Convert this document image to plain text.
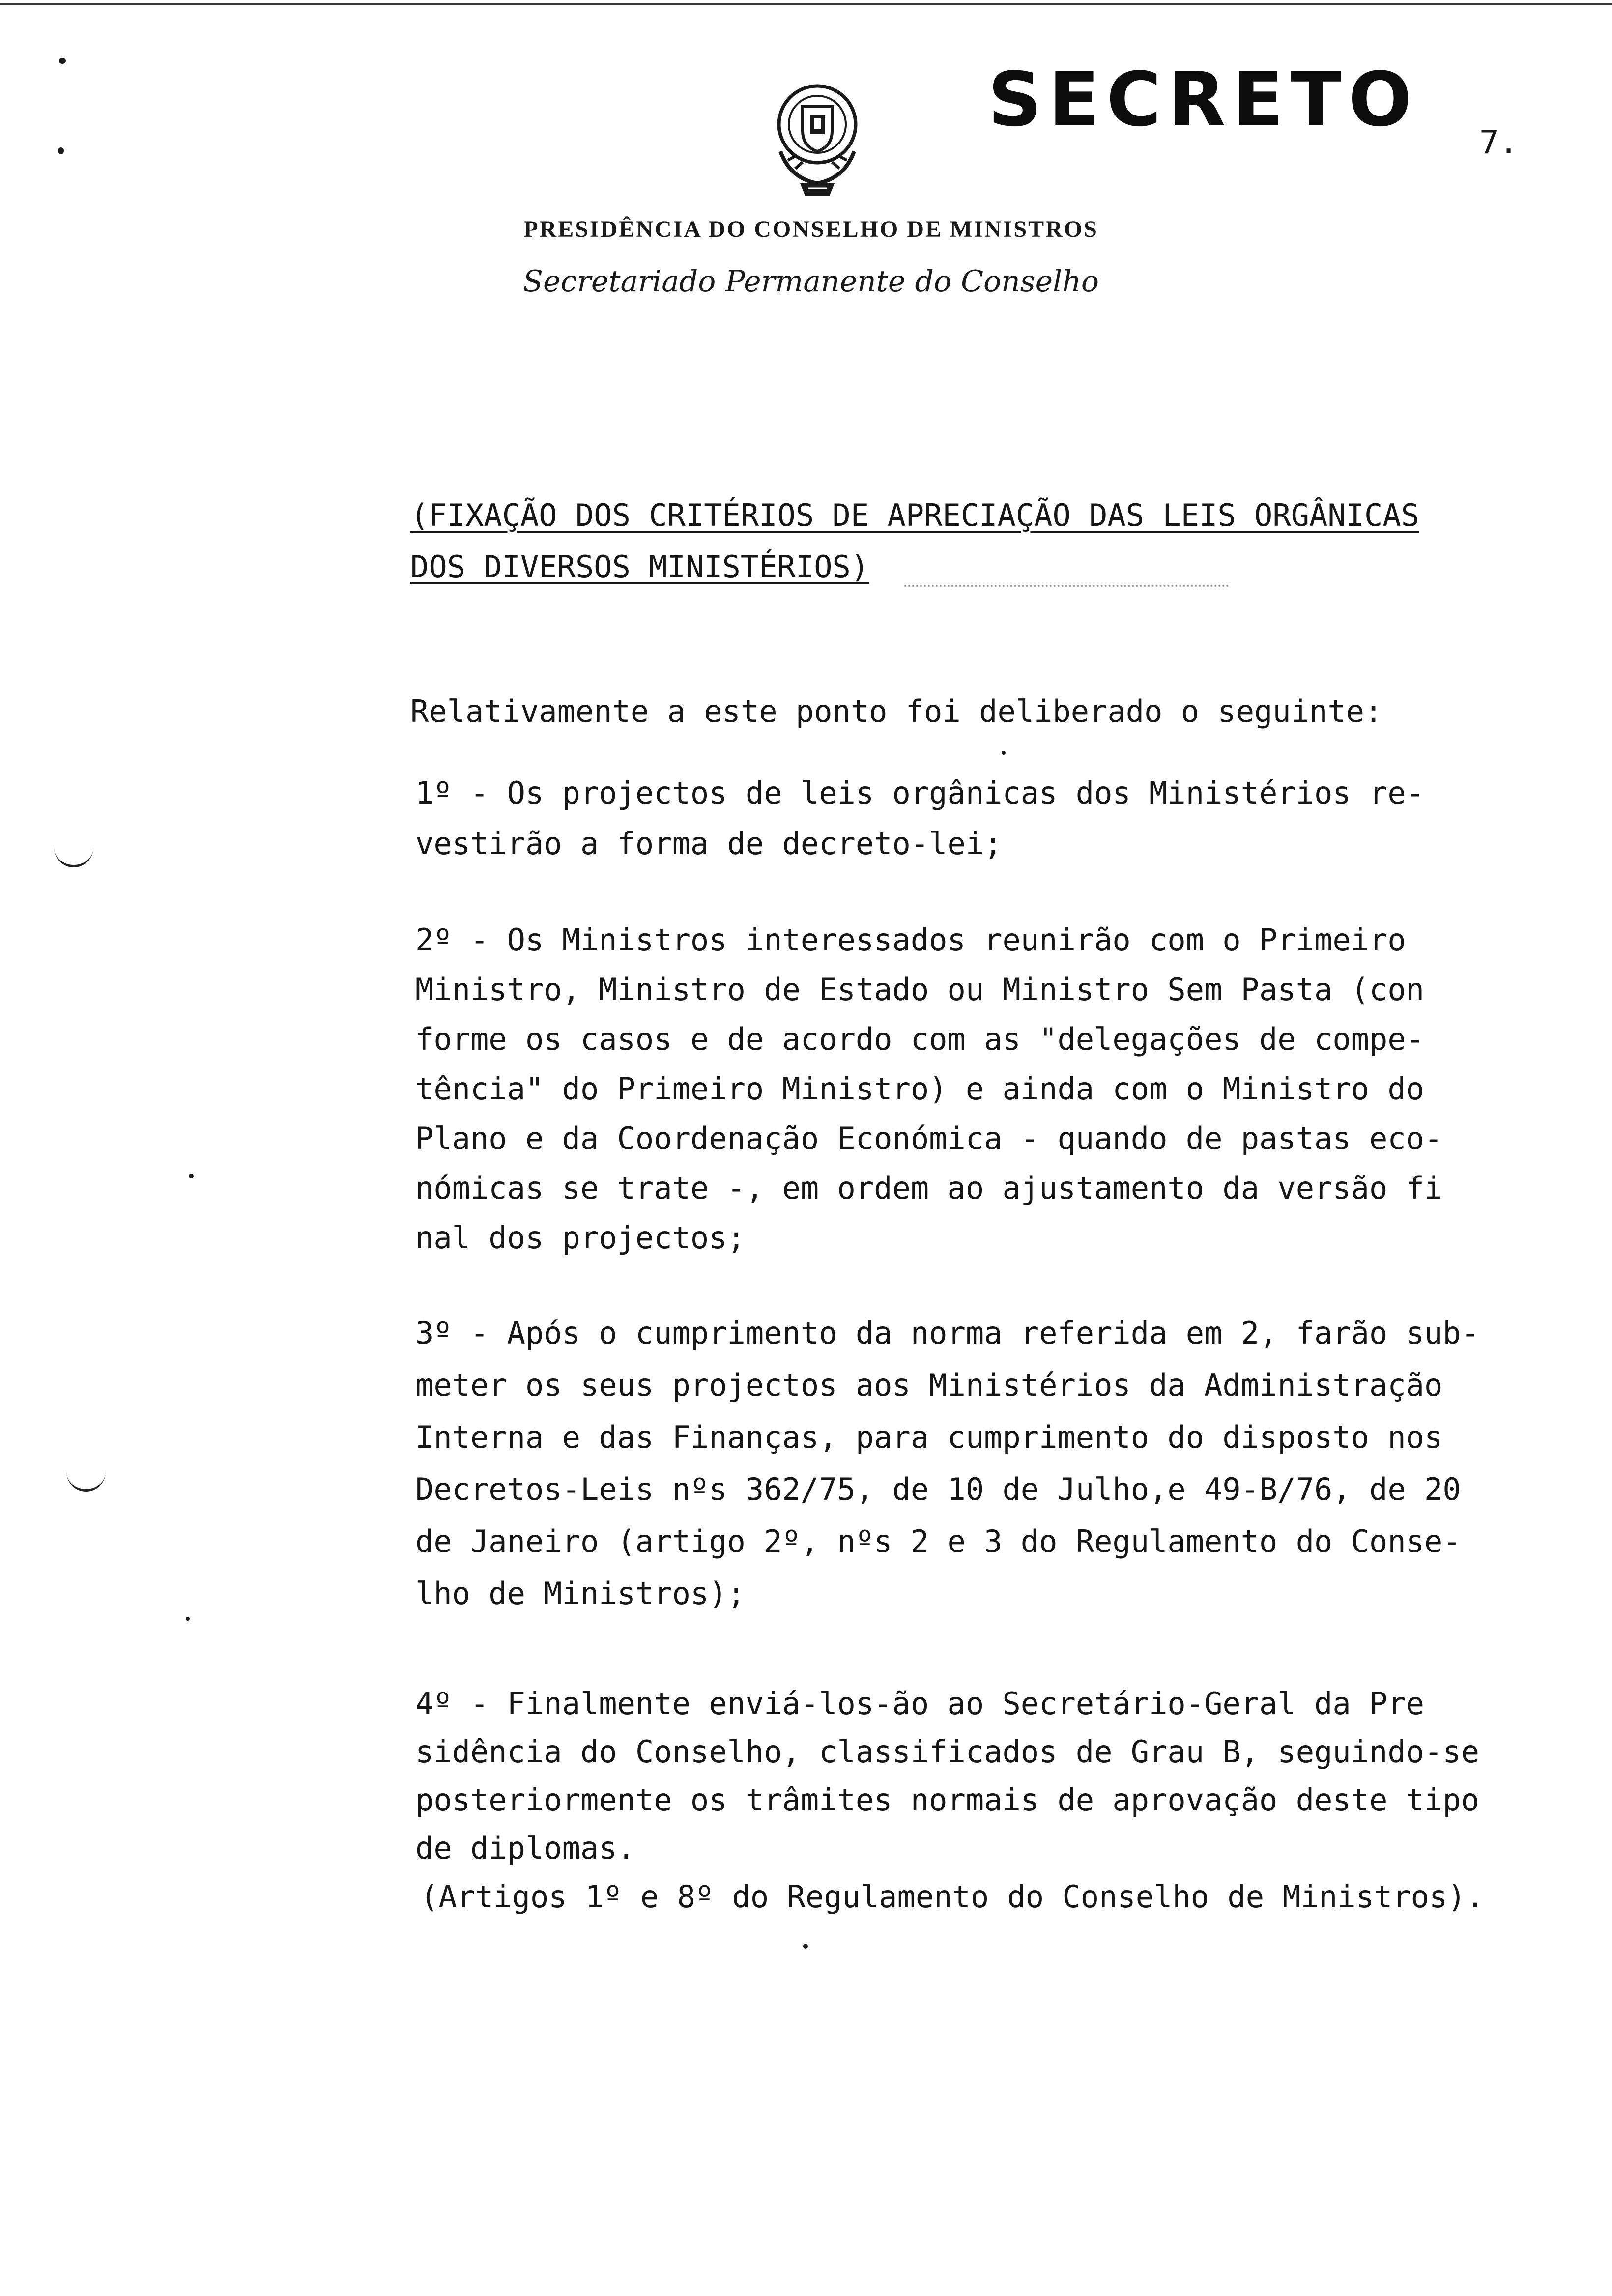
SECRETO 7.
PRESIDÊNCIA DO CONSELHO DE MINISTROS
Secretariado Permanente do Conselho
(FIXAÇÃO DOS CRITÉRIOS DE APRECIAÇÃO DAS LEIS ORGÂNICAS
DOS DIVERSOS MINISTÉRIOS)
Relativamente a este ponto foi deliberado o seguinte:
1º - Os projectos de leis orgânicas dos Ministérios re-
vestirão a forma de decreto-lei;
2º - Os Ministros interessados reunirão com o Primeiro
Ministro, Ministro de Estado ou Ministro Sem Pasta (con
forme os casos e de acordo com as "delegações de compe-
tência" do Primeiro Ministro) e ainda com o Ministro do
Plano e da Coordenação Económica - quando de pastas eco-
nómicas se trate -, em ordem ao ajustamento da versão fi
nal dos projectos;
3º - Após o cumprimento da norma referida em 2, farão sub-
meter os seus projectos aos Ministérios da Administração
Interna e das Finanças, para cumprimento do disposto nos
Decretos-Leis nºs 362/75, de 10 de Julho,e 49-B/76, de 20
de Janeiro (artigo 2º, nºs 2 e 3 do Regulamento do Conse-
lho de Ministros);
4º - Finalmente enviá-los-ão ao Secretário-Geral da Pre
sidência do Conselho, classificados de Grau B, seguindo-se
posteriormente os trâmites normais de aprovação deste tipo
de diplomas.
(Artigos 1º e 8º do Regulamento do Conselho de Ministros).
